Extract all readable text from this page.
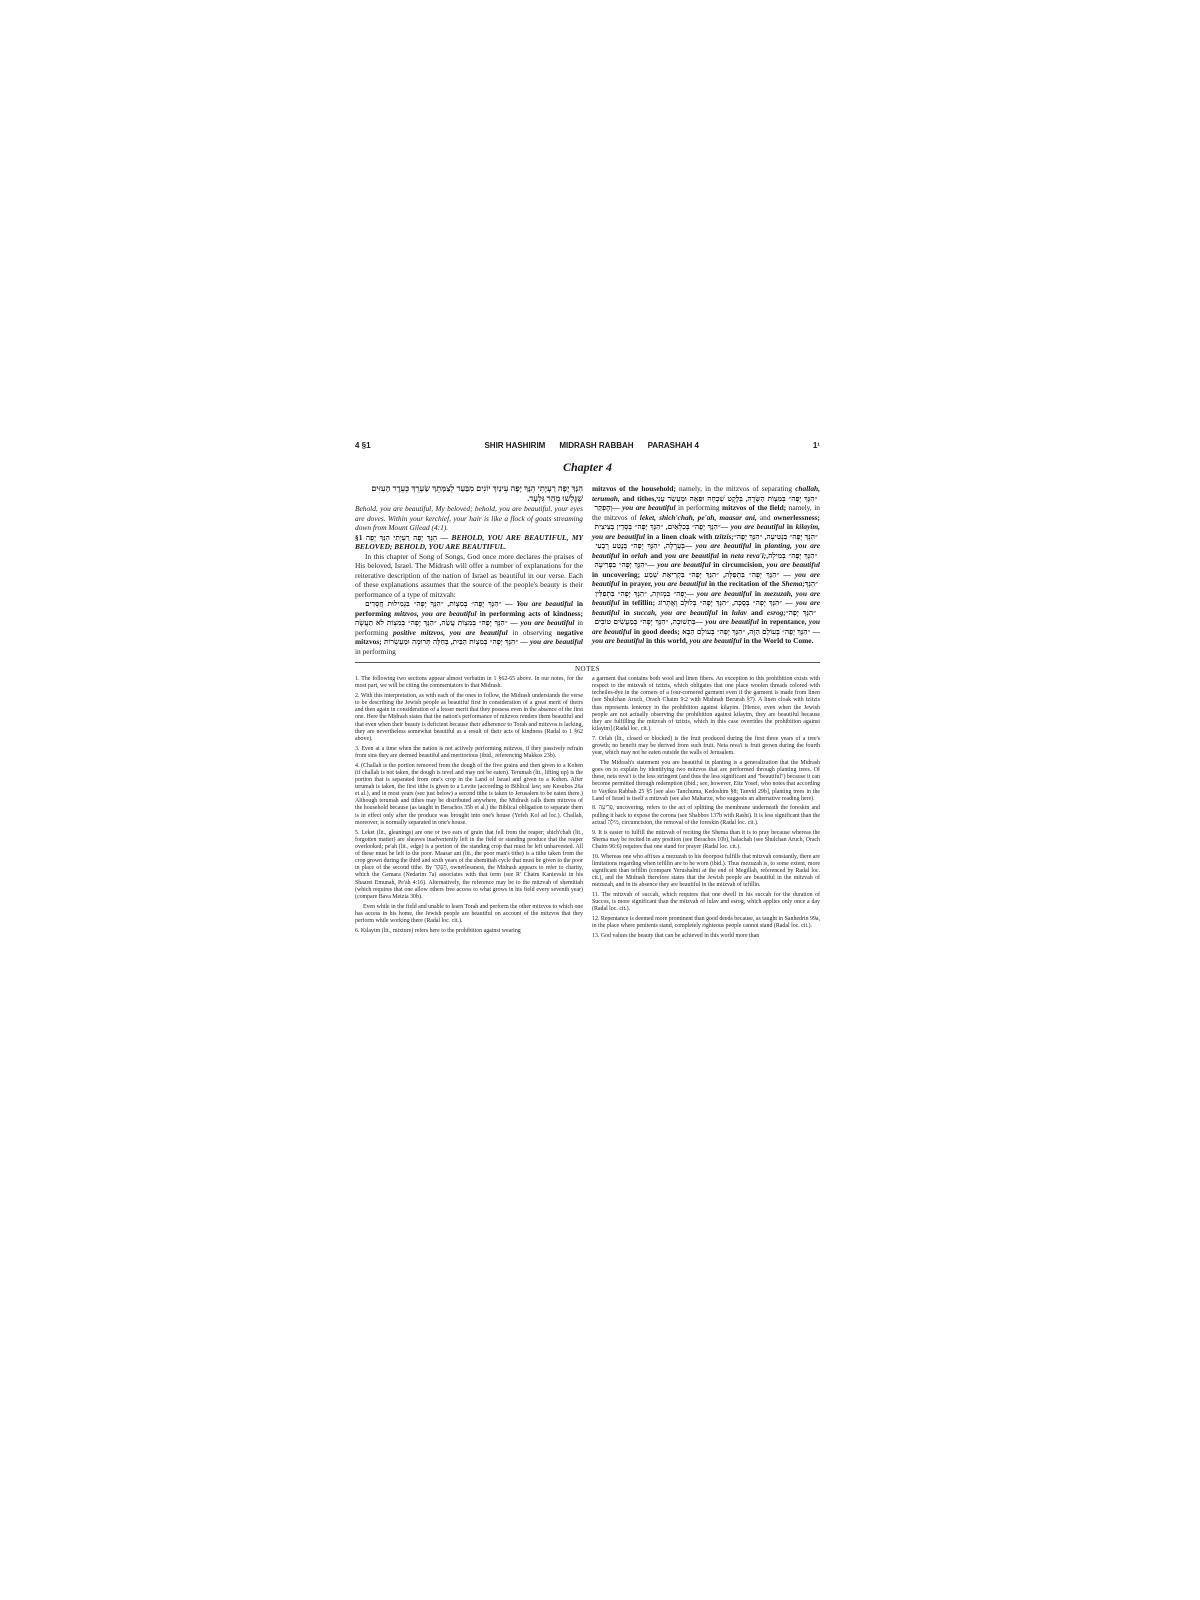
4 §1	SHIR HASHIRIM MIDRASH RABBAH PARASHAH 4	1¹
Chapter 4

הִנָּךְ יָפָה רַעְיָתִי הִנָּךְ יָפָה עֵינַיִךְ יוֹנִים מִבַּעַד לְצַמָּתֵךְ שַׂעְרֵךְ כְּעֵדֶר הָעִזִּים שֶׁגָּלְשׁוּ מֵהַר גִּלְעָד.

Behold, you are beautiful, My beloved; behold, you are beautiful, your eyes are doves. Within your kerchief, your hair is like a flock of goats streaming down from Mount Gilead (4:1).

§1 הִנָּךְ יָפָה רַעְיָתִי הִנָּךְ יָפָה — BEHOLD, YOU ARE BEAUTIFUL, MY BELOVED; BEHOLD, YOU ARE BEAUTIFUL.

In this chapter of Song of Songs, God once more declares the praises of His beloved, Israel. The Midrash will offer a number of explanations for the reiterative description of the nation of Israel as beautiful in our verse. Each of these explanations assumes that the source of the people's beauty is their performance of a type of mitzvah:

״הִנָּךְ יָפָה״ בְּמִצְוֹת, ״הִנָּךְ יָפָה״ בִּגְמִילוּת חֲסָדִים — You are beautiful in performing mitzvos, you are beautiful in performing acts of kindness; ״הִנָּךְ יָפָה״ בְּמִצְוֹת עֲשֵׂה, ״הִנָּךְ יָפָה״ בְּמִצְוֹת לֹא תַעֲשֶׂה — you are beautiful in performing positive mitzvos, you are beautiful in observing negative mitzvos; ״הִנָּךְ יָפָה״ בְּמִצְוֹת הַבַּיִת, בְּחַלָּה תְּרוּמָה וּמַעַשְׂרוֹת — you are beautiful in performing

mitzvos of the household; namely, in the mitzvos of separating challah, terumah, and tithes, ״הִנָּךְ יָפָה״ בְּמִצְוֹת הַשָּׂדֶה, בְּלֶקֶט שִׁכְחָה וּפֵאָה וּמַעְשַׂר עָנִי וְהֶפְקֵר — you are beautiful in performing mitzvos of the field; namely, in the mitzvos of leket, shich'chah, pe'ah, maasar ani, and ownerlessness; ״הִנָּךְ יָפָה״ בְּכִלְאַיִם, ״הִנָּךְ יָפָה״ בְּסָדִין בְּצִיצִית — you are beautiful in kilayim, you are beautiful in a linen cloak with tzitzis; ״הִנָּךְ יָפָה״ בִּנְטִיעָה, ״הִנָּךְ יָפָה״ בְּעָרְלָה, ״הִנָּךְ יָפָה״ בְּנֶטַע רְבָעִי — you are beautiful in planting, you are beautiful in orlah and you are beautiful in neta reva'i; ״הִנָּךְ יָפָה״ בְּמִילָה, ״הִנָּךְ יָפָה״ בִּפְרִיעָה — you are beautiful in circumcision, you are beautiful in uncovering; ״הִנָּךְ יָפָה״ בִּתְפִלָּה, ״הִנָּךְ יָפָה״ בִּקְרִיאַת שְׁמַע — you are beautiful in prayer, you are beautiful in the recitation of the Shema; ״הִנָּךְ יָפָה״ בִּמְזוּזָה, ״הִנָּךְ יָפָה״ בִּתְפִלִּין — you are beautiful in mezuzah, you are beautiful in tefillin; ״הִנָּךְ יָפָה״ בְּסֻכָּה, ״הִנָּךְ יָפָה״ בְּלוּלָב וְאֶתְרוֹג — you are beautiful in succah, you are beautiful in lulav and esrog; ״הִנָּךְ יָפָה״ בִּתְשׁוּבָה, ״הִנָּךְ יָפָה״ בְּמַעֲשִׂים טוֹבִים — you are beautiful in repentance, you are beautiful in good deeds; ״הִנָּךְ יָפָה״ בָּעוֹלָם הַזֶּה, ״הִנָּךְ יָפָה״ בָּעוֹלָם הַבָּא — you are beautiful in this world, you are beautiful in the World to Come.

NOTES

1. The following two sections appear almost verbatim in 1 §62-65 above. In our notes, for the most part, we will be citing the commentators to that Midrash.

2. With this interpretation, as with each of the ones to follow, the Midrash understands the verse to be describing the Jewish people as beautiful first in consideration of a great merit of theirs and then again in consideration of a lesser merit that they possess even in the absence of the first one. Here the Midrash states that the nation's performance of mitzvos renders them beautiful and that even when their beauty is deficient because their adherence to Torah and mitzvos is lacking, they are nevertheless somewhat beautiful as a result of their acts of kindness (Radal to 1 §62 above).

3. Even at a time when the nation is not actively performing mitzvos, if they passively refrain from sins they are deemed beautiful and meritorious (ibid., referencing Makkos 23b).

4. (Challah is the portion removed from the dough of the five grains and then given to a Kohen (if challah is not taken, the dough is tevel and may not be eaten). Terumah (lit., lifting up) is the portion that is separated from one's crop in the Land of Israel and given to a Kohen. After terumah is taken, the first tithe is given to a Levite (according to Biblical law; see Kesubos 26a et al.), and in most years (see just below) a second tithe is taken to Jerusalem to be eaten there.) Although terumah and tithes may be distributed anywhere, the Midrash calls them mitzvos of the household because (as taught in Berachos 35b et al.) the Biblical obligation to separate them is in effect only after the produce was brought into one's house (Yefeh Kol ad loc.). Challah, moreover, is normally separated in one's house.

5. Leket (lit., gleanings) are one or two ears of grain that fell from the reaper; shich'chah (lit., forgotten matter) are sheaves inadvertently left in the field or standing produce that the reaper overlooked; pe'ah (lit., edge) is a portion of the standing crop that must be left unharvested. All of these must be left to the poor. Maasar ani (lit., the poor man's tithe) is a tithe taken from the crop grown during the third and sixth years of the shemittah cycle that must be given to the poor in place of the second tithe. By הֶפְקֵר, ownerlessness, the Midrash appears to refer to charity, which the Gemara (Nedarim 7a) associates with that term (see R' Chaim Kanievski in his Shaarei Emunah, Pe'ah 4:16). Alternatively, the reference may be to the mitzvah of shemittah (which requires that one allow others free access to what grows in his field every seventh year) (compare Bava Metzia 30b).

Even while in the field and unable to learn Torah and perform the other mitzvos to which one has access in his home, the Jewish people are beautiful on account of the mitzvos that they perform while working there (Radal loc. cit.).

6. Kilayim (lit., mixture) refers here to the prohibition against wearing

a garment that contains both wool and linen fibers. An exception to this prohibition exists with respect to the mitzvah of tzitzis, which obligates that one place woolen threads colored with techeiles-dye in the corners of a four-cornered garment even if the garment is made from linen (see Shulchan Aruch, Orach Chaim 9:2 with Mishnah Berurah §7). A linen cloak with tzitzis thus represents leniency in the prohibition against kilayim. [Hence, even when the Jewish people are not actually observing the prohibition against kilayim, they are beautiful because they are fulfilling the mitzvah of tzitzis, which in this case overrides the prohibition against kilayim] (Radal loc. cit.).

7. Orlah (lit., closed or blocked) is the fruit produced during the first three years of a tree's growth; no benefit may be derived from such fruit. Neta reva'i is fruit grown during the fourth year, which may not be eaten outside the walls of Jerusalem.

The Midrash's statement you are beautiful in planting is a generalization that the Midrash goes on to explain by identifying two mitzvos that are performed through planting trees. Of these, neta reva'i is the less stringent (and thus the less significant and "beautiful") because it can become permitted through redemption (ibid.; see, however, Eitz Yosef, who notes that according to Vayikra Rabbah 25 §5 [see also Tanchuma, Kedoshim §8; Tanvid 29b], planting trees in the Land of Israel is itself a mitzvah (see also Maharzu, who suggests an alternative reading here).

8. פְּרִיעָה, uncovering, refers to the act of splitting the membrane underneath the foreskin and pulling it back to expose the corona (see Shabbos 137b with Rashi). It is less significant than the actual מִילָה, circumcision, the removal of the foreskin (Radal loc. cit.).

9. It is easier to fulfill the mitzvah of reciting the Shema than it is to pray because whereas the Shema may be recited in any position (see Berachos 10b), halachah (see Shulchan Aruch, Orach Chaim 96:6) requires that one stand for prayer (Radal loc. cit.).

10. Whereas one who affixes a mezuzah to his doorpost fulfills that mitzvah constantly, there are limitations regarding when tefillin are to be worn (ibid.). Thus mezuzah is, to some extent, more significant than tefillin (compare Yerushalmi at the end of Megillah, referenced by Radal loc. cit.), and the Midrash therefore states that the Jewish people are beautiful in the mitzvah of mezuzah, and in its absence they are beautiful in the mitzvah of tefillin.

11. The mitzvah of succah, which requires that one dwell in his succah for the duration of Succos, is more significant than the mitzvah of lulav and esrog, which applies only once a day (Radal loc. cit.).

12. Repentance is deemed more prominent than good deeds because, as taught in Sanhedrin 99a, in the place where penitents stand, completely righteous people cannot stand (Radal loc. cit.).

13. God values the beauty that can be achieved in this world more than
